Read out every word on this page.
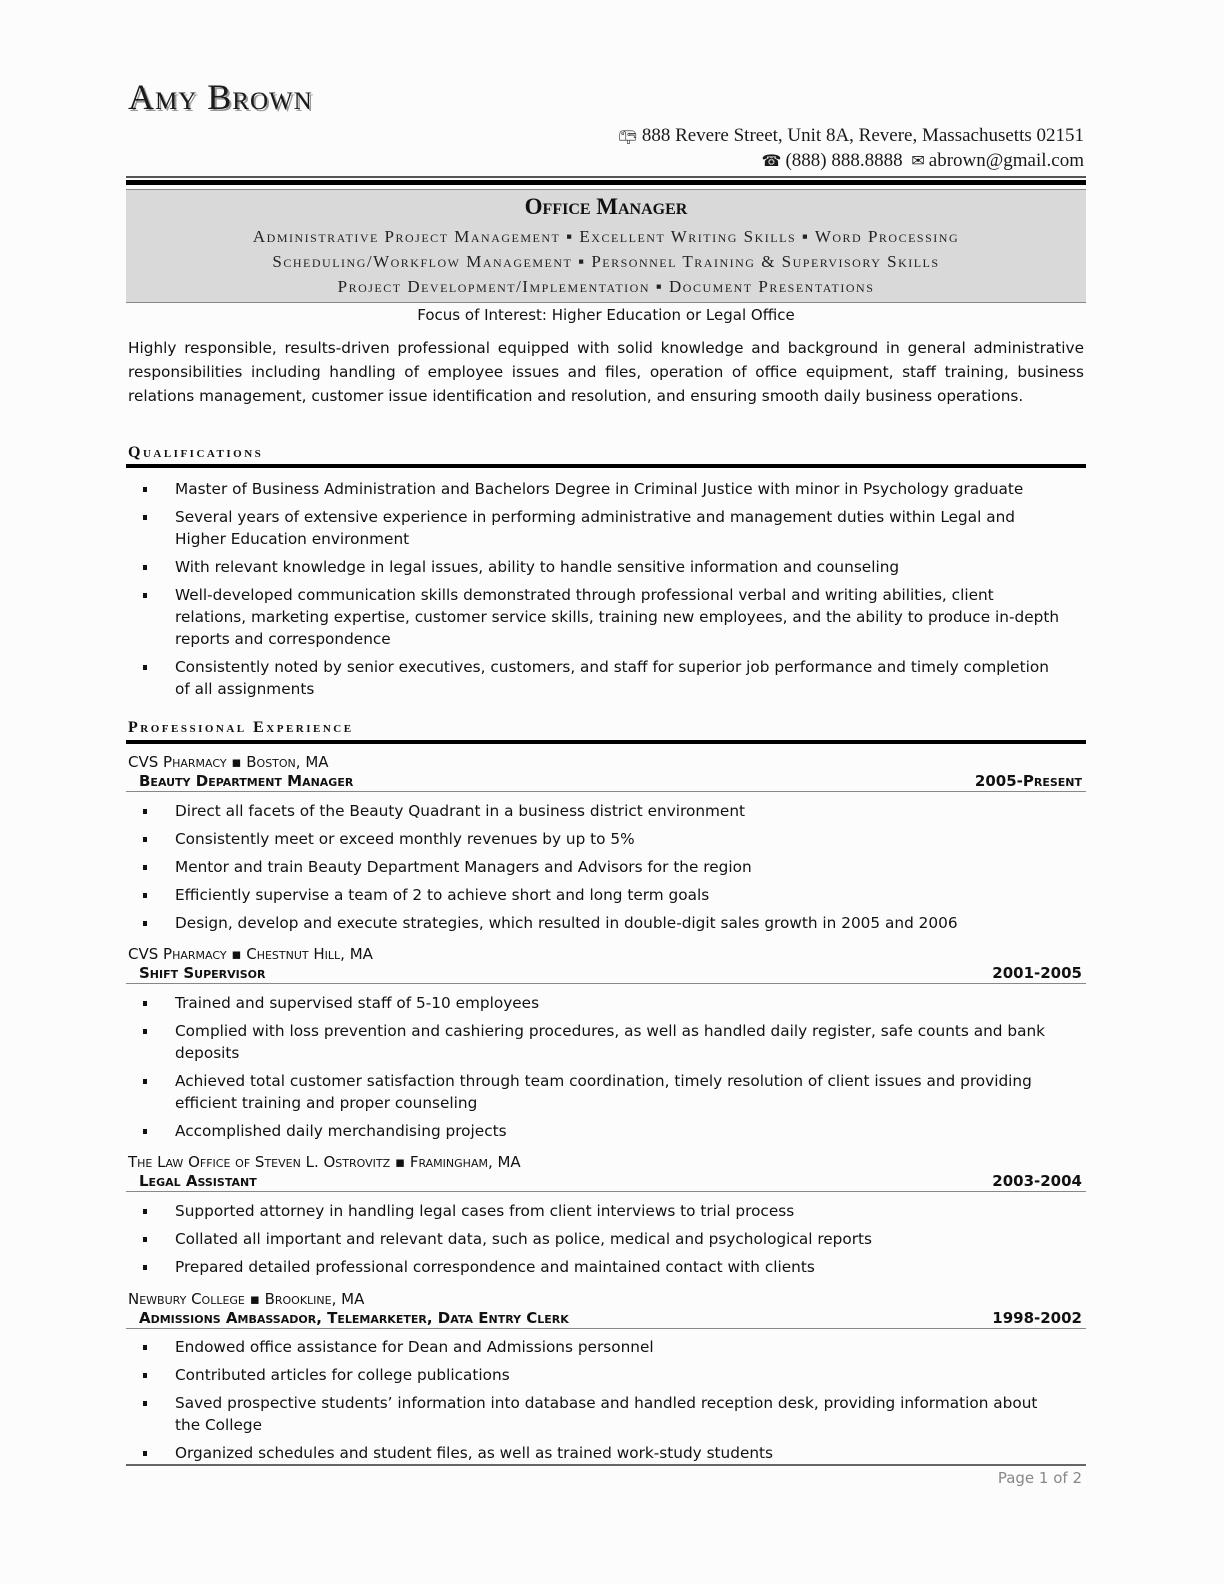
Amy Brown
📪︎ 888 Revere Street, Unit 8A, Revere, Massachusetts 02151
☎ (888) 888.8888 ✉︎ abrown@gmail.com
Office Manager
Administrative Project Management ▪ Excellent Writing Skills ▪ Word Processing
Scheduling/Workflow Management ▪ Personnel Training & Supervisory Skills
Project Development/Implementation ▪ Document Presentations
Focus of Interest: Higher Education or Legal Office

Highly responsible, results-driven professional equipped with solid knowledge and background in general administrative responsibilities including handling of employee issues and files, operation of office equipment, staff training, business relations management, customer issue identification and resolution, and ensuring smooth daily business operations.

Qualifications
Master of Business Administration and Bachelors Degree in Criminal Justice with minor in Psychology graduate
Several years of extensive experience in performing administrative and management duties within Legal and Higher Education environment
With relevant knowledge in legal issues, ability to handle sensitive information and counseling
Well-developed communication skills demonstrated through professional verbal and writing abilities, client relations, marketing expertise, customer service skills, training new employees, and the ability to produce in-depth reports and correspondence
Consistently noted by senior executives, customers, and staff for superior job performance and timely completion of all assignments
Professional Experience
CVS Pharmacy ▪ Boston, MA
Beauty Department Manager	2005-Present
Direct all facets of the Beauty Quadrant in a business district environment
Consistently meet or exceed monthly revenues by up to 5%
Mentor and train Beauty Department Managers and Advisors for the region
Efficiently supervise a team of 2 to achieve short and long term goals
Design, develop and execute strategies, which resulted in double-digit sales growth in 2005 and 2006
CVS Pharmacy ▪ Chestnut Hill, MA
Shift Supervisor	2001-2005
Trained and supervised staff of 5-10 employees
Complied with loss prevention and cashiering procedures, as well as handled daily register, safe counts and bank deposits
Achieved total customer satisfaction through team coordination, timely resolution of client issues and providing efficient training and proper counseling
Accomplished daily merchandising projects
The Law Office of Steven L. Ostrovitz ▪ Framingham, MA
Legal Assistant	2003-2004
Supported attorney in handling legal cases from client interviews to trial process
Collated all important and relevant data, such as police, medical and psychological reports
Prepared detailed professional correspondence and maintained contact with clients
Newbury College ▪ Brookline, MA
Admissions Ambassador, Telemarketer, Data Entry Clerk	1998-2002
Endowed office assistance for Dean and Admissions personnel
Contributed articles for college publications
Saved prospective students’ information into database and handled reception desk, providing information about the College
Organized schedules and student files, as well as trained work-study students
Page 1 of 2
